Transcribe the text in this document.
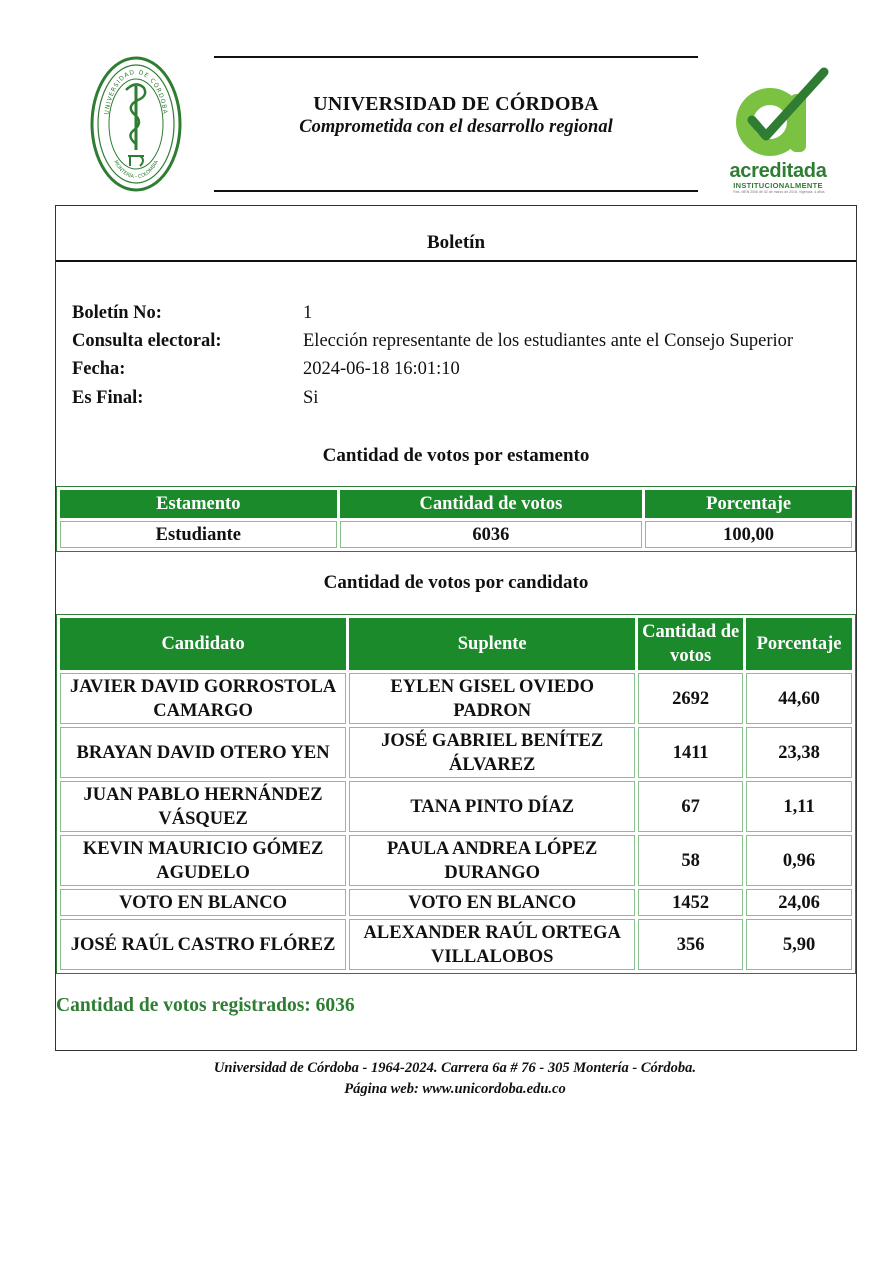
UNIVERSIDAD DE CÓRDOBA
MONTERÍA - COLOMBIA
UNIVERSIDAD DE CÓRDOBA
Comprometida con el desarrollo regional
acreditada
INSTITUCIONALMENTE
Res. MEN 2006 de 02 de marzo de 2018, Vigencia: 4 años
Boletín
Boletín No:	1
Consulta electoral:	Elección representante de los estudiantes ante el Consejo Superior
Fecha:	2024-06-18 16:01:10
Es Final:	Si
Cantidad de votos por estamento
Estamento	Cantidad de votos	Porcentaje
Estudiante	6036	100,00
Cantidad de votos por candidato
Candidato	Suplente	Cantidad de votos	Porcentaje
JAVIER DAVID GORROSTOLA CAMARGO	EYLEN GISEL OVIEDO PADRON	2692	44,60
BRAYAN DAVID OTERO YEN	JOSÉ GABRIEL BENÍTEZ ÁLVAREZ	1411	23,38
JUAN PABLO HERNÁNDEZ VÁSQUEZ	TANA PINTO DÍAZ	67	1,11
KEVIN MAURICIO GÓMEZ AGUDELO	PAULA ANDREA LÓPEZ DURANGO	58	0,96
VOTO EN BLANCO	VOTO EN BLANCO	1452	24,06
JOSÉ RAÚL CASTRO FLÓREZ	ALEXANDER RAÚL ORTEGA VILLALOBOS	356	5,90
Cantidad de votos registrados: 6036
Universidad de Córdoba - 1964-2024. Carrera 6a # 76 - 305 Montería - Córdoba.
Página web: www.unicordoba.edu.co
